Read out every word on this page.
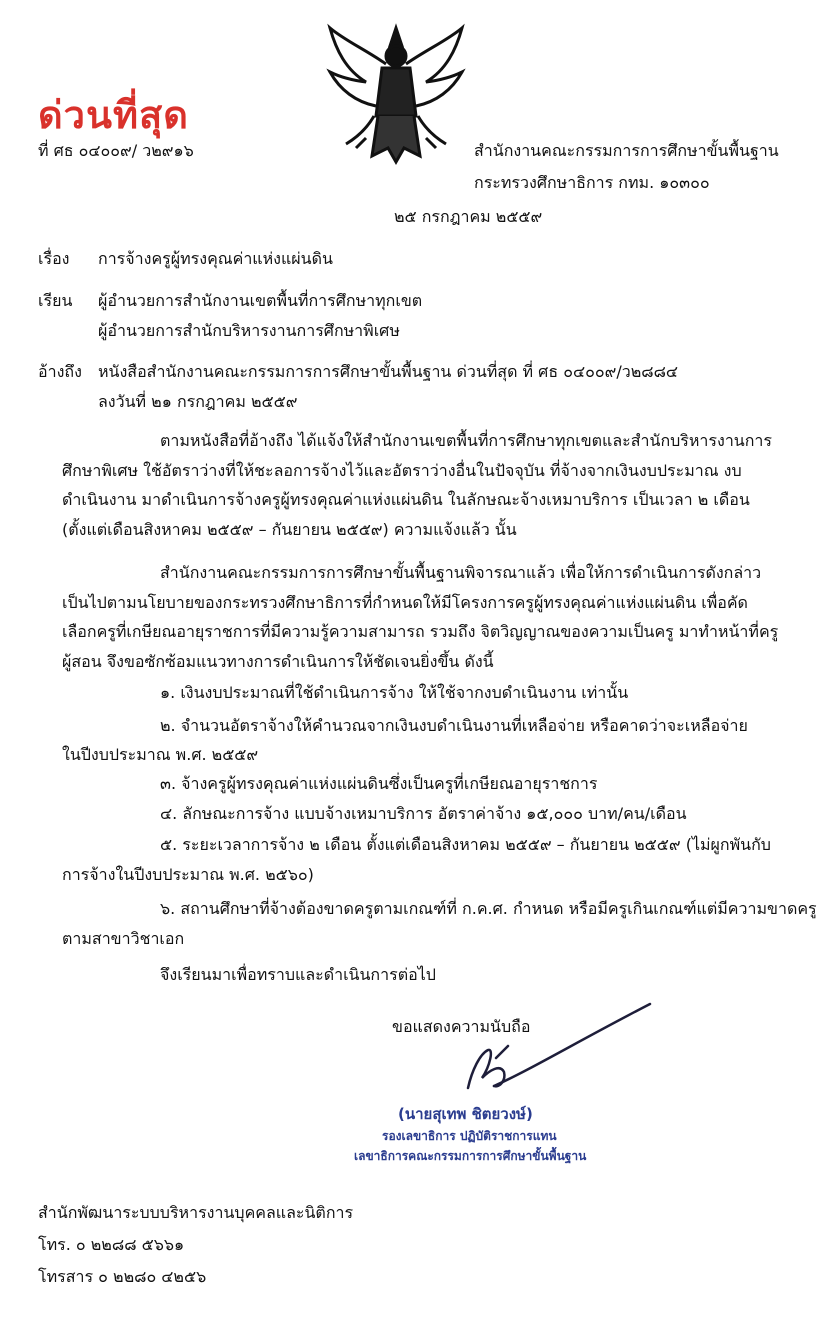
ด่วนที่สุด
ที่ ศธ ๐๔๐๐๙/ ว๒๙๑๖	สำนักงานคณะกรรมการการศึกษาขั้นพื้นฐาน
กระทรวงศึกษาธิการ กทม. ๑๐๓๐๐
๒๕ กรกฎาคม ๒๕๕๙
เรื่อง การจ้างครูผู้ทรงคุณค่าแห่งแผ่นดิน
เรียน ผู้อำนวยการสำนักงานเขตพื้นที่การศึกษาทุกเขต
ผู้อำนวยการสำนักบริหารงานการศึกษาพิเศษ
อ้างถึง หนังสือสำนักงานคณะกรรมการการศึกษาขั้นพื้นฐาน ด่วนที่สุด ที่ ศธ ๐๔๐๐๙/ว๒๘๘๔
ลงวันที่ ๒๑ กรกฎาคม ๒๕๕๙
ตามหนังสือที่อ้างถึง ได้แจ้งให้สำนักงานเขตพื้นที่การศึกษาทุกเขตและสำนักบริหารงานการศึกษาพิเศษ ใช้อัตราว่างที่ให้ชะลอการจ้างไว้และอัตราว่างอื่นในปัจจุบัน ที่จ้างจากเงินงบประมาณ งบดำเนินงาน มาดำเนินการจ้างครูผู้ทรงคุณค่าแห่งแผ่นดิน ในลักษณะจ้างเหมาบริการ เป็นเวลา ๒ เดือน (ตั้งแต่เดือนสิงหาคม ๒๕๕๙ – กันยายน ๒๕๕๙) ความแจ้งแล้ว นั้น
สำนักงานคณะกรรมการการศึกษาขั้นพื้นฐานพิจารณาแล้ว เพื่อให้การดำเนินการดังกล่าวเป็นไปตามนโยบายของกระทรวงศึกษาธิการที่กำหนดให้มีโครงการครูผู้ทรงคุณค่าแห่งแผ่นดิน เพื่อคัดเลือกครูที่เกษียณอายุราชการที่มีความรู้ความสามารถ รวมถึง จิตวิญญาณของความเป็นครู มาทำหน้าที่ครูผู้สอน จึงขอซักซ้อมแนวทางการดำเนินการให้ชัดเจนยิ่งขึ้น ดังนี้
๑. เงินงบประมาณที่ใช้ดำเนินการจ้าง ให้ใช้จากงบดำเนินงาน เท่านั้น
๒. จำนวนอัตราจ้างให้คำนวณจากเงินงบดำเนินงานที่เหลือจ่าย หรือคาดว่าจะเหลือจ่าย
ในปีงบประมาณ พ.ศ. ๒๕๕๙
๓. จ้างครูผู้ทรงคุณค่าแห่งแผ่นดินซึ่งเป็นครูที่เกษียณอายุราชการ
๔. ลักษณะการจ้าง แบบจ้างเหมาบริการ อัตราค่าจ้าง ๑๕,๐๐๐ บาท/คน/เดือน
๕. ระยะเวลาการจ้าง ๒ เดือน ตั้งแต่เดือนสิงหาคม ๒๕๕๙ – กันยายน ๒๕๕๙ (ไม่ผูกพันกับ
การจ้างในปีงบประมาณ พ.ศ. ๒๕๖๐)
๖. สถานศึกษาที่จ้างต้องขาดครูตามเกณฑ์ที่ ก.ค.ศ. กำหนด หรือมีครูเกินเกณฑ์แต่มีความขาดครู
ตามสาขาวิชาเอก
จึงเรียนมาเพื่อทราบและดำเนินการต่อไป
ขอแสดงความนับถือ
(นายสุเทพ ชิตยวงษ์)
รองเลขาธิการ ปฏิบัติราชการแทน
เลขาธิการคณะกรรมการการศึกษาขั้นพื้นฐาน
สำนักพัฒนาระบบบริหารงานบุคคลและนิติการ
โทร. ๐ ๒๒๘๘ ๕๖๖๑
โทรสาร ๐ ๒๒๘๐ ๔๒๕๖
